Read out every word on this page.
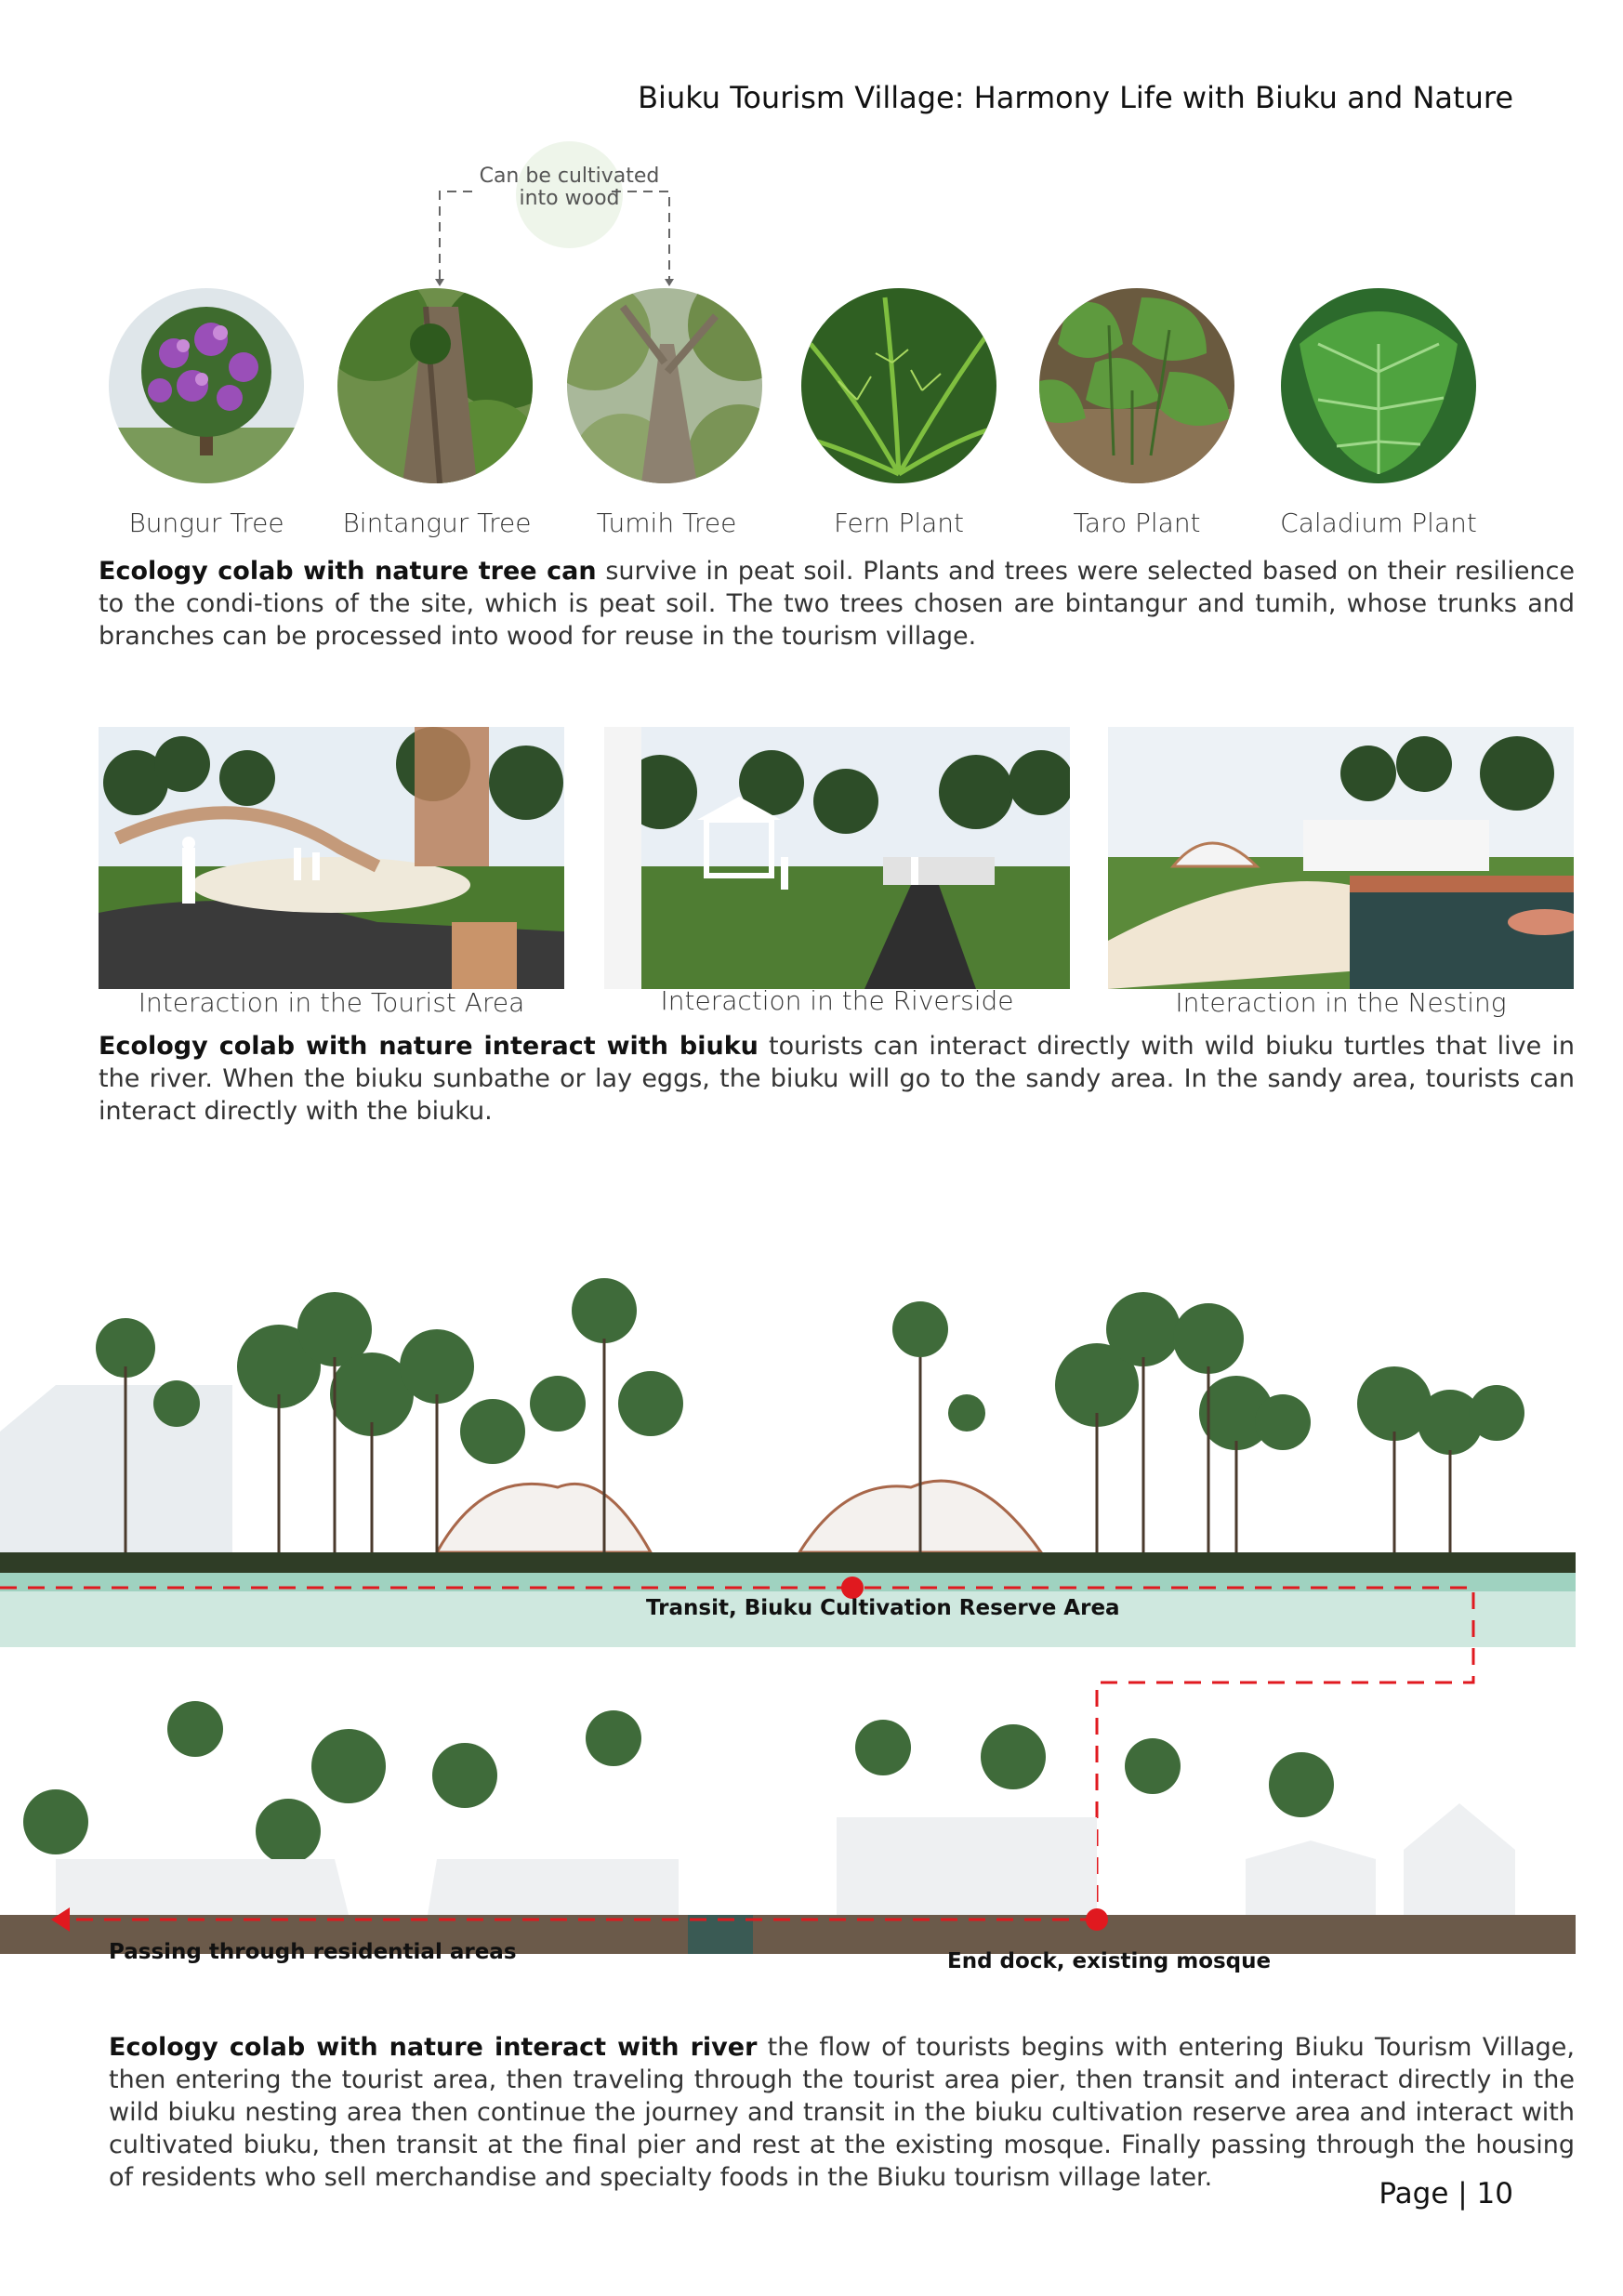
Biuku Tourism Village: Harmony Life with Biuku and Nature
Can be cultivated into wood
Bungur Tree	Bintangur Tree	Tumih Tree	Fern Plant	Taro Plant	Caladium Plant
Ecology colab with nature tree can survive in peat soil. Plants and trees were selected based on their resilience to the condi-tions of the site, which is peat soil. The two trees chosen are bintangur and tumih, whose trunks and branches can be processed into wood for reuse in the tourism village.
Interaction in the Tourist Area	Interaction in the Riverside	Interaction in the Nesting
Ecology colab with nature interact with biuku tourists can interact directly with wild biuku turtles that live in the river. When the biuku sunbathe or lay eggs, the biuku will go to the sandy area. In the sandy area, tourists can interact directly with the biuku.
Transit, Biuku Cultivation Reserve Area
Passing through residential areas	End dock, existing mosque
Ecology colab with nature interact with river the flow of tourists begins with entering Biuku Tourism Village, then entering the tourist area, then traveling through the tourist area pier, then transit and interact directly in the wild biuku nesting area then continue the journey and transit in the biuku cultivation reserve area and interact with cultivated biuku, then transit at the final pier and rest at the existing mosque. Finally passing through the housing of residents who sell merchandise and specialty foods in the Biuku tourism village later.	Page | 10
